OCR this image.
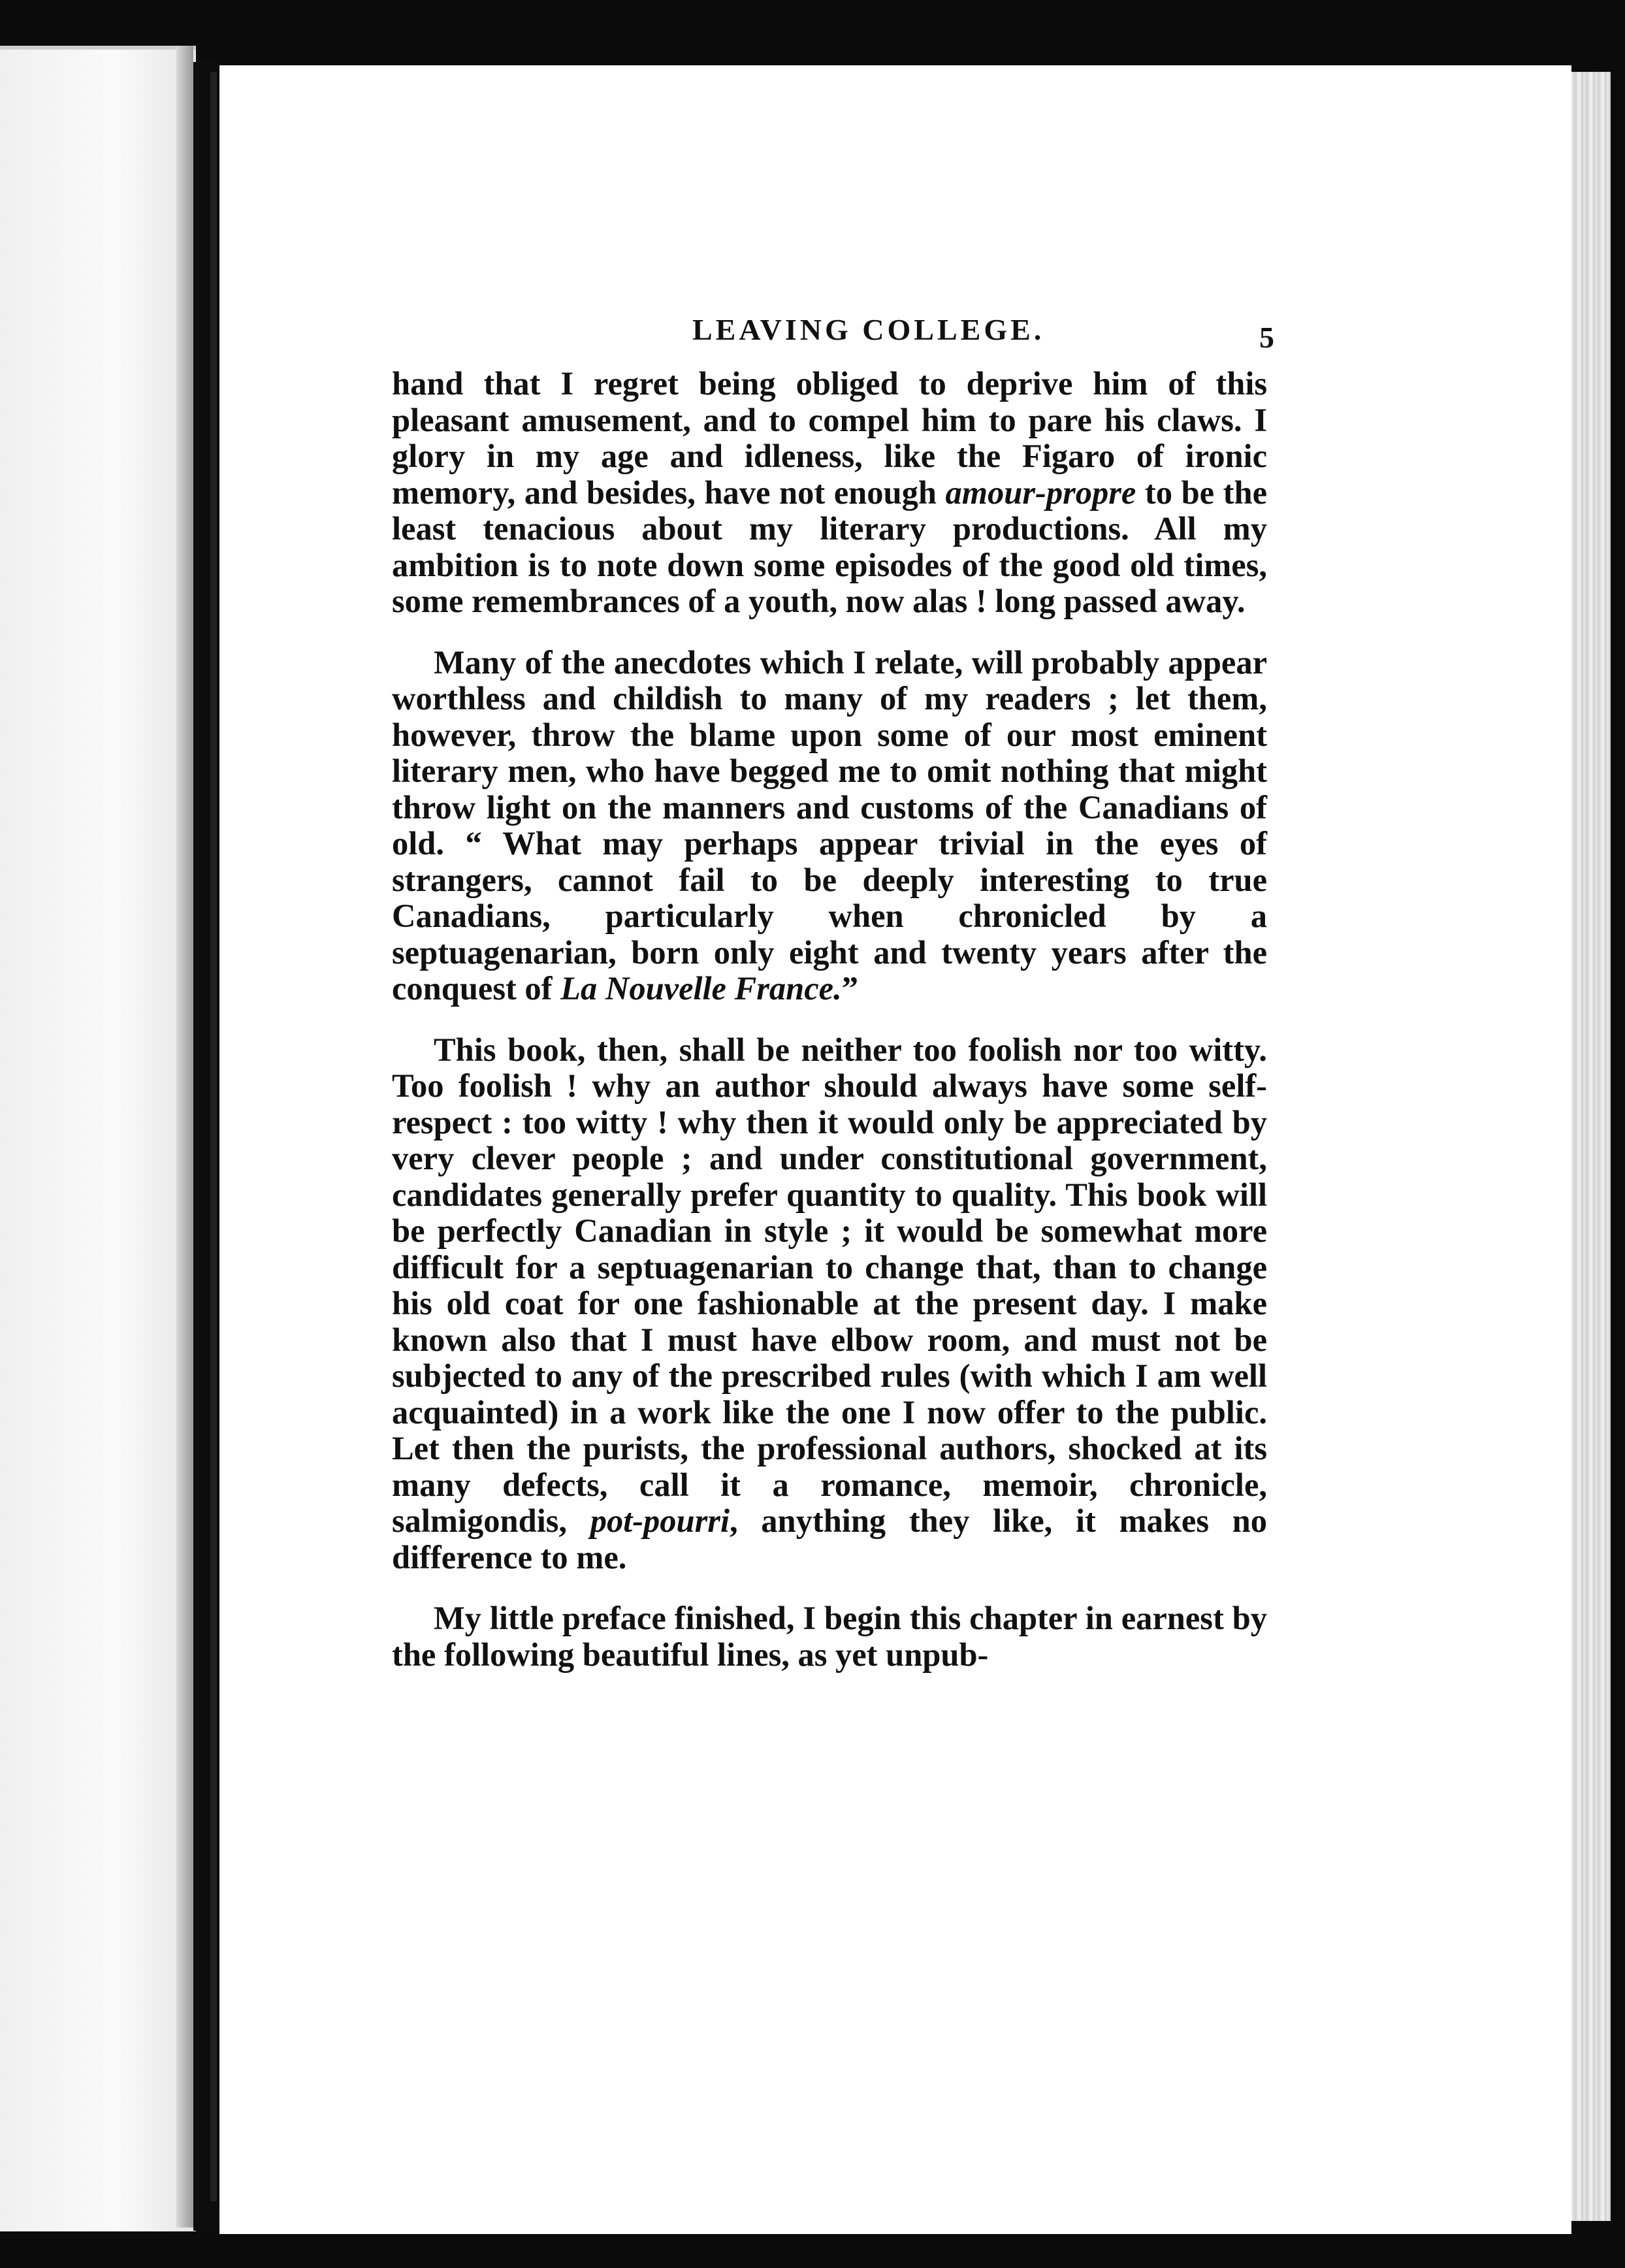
LEAVING COLLEGE.	5

hand that I regret being obliged to deprive him of this pleasant amusement, and to compel him to pare his claws. I glory in my age and idleness, like the Figaro of ironic memory, and besides, have not enough amour-propre to be the least tenacious about my literary productions. All my ambition is to note down some episodes of the good old times, some remembrances of a youth, now alas ! long passed away.

Many of the anecdotes which I relate, will probably appear worthless and childish to many of my readers ; let them, however, throw the blame upon some of our most eminent literary men, who have begged me to omit nothing that might throw light on the manners and customs of the Canadians of old. “ What may perhaps appear trivial in the eyes of strangers, cannot fail to be deeply interesting to true Canadians, particularly when chronicled by a septuagenarian, born only eight and twenty years after the conquest of La Nouvelle France.”

This book, then, shall be neither too foolish nor too witty. Too foolish ! why an author should always have some self-respect : too witty ! why then it would only be appreciated by very clever people ; and under constitutional government, candidates generally prefer quantity to quality. This book will be perfectly Canadian in style ; it would be somewhat more difficult for a septuagenarian to change that, than to change his old coat for one fashionable at the present day. I make known also that I must have elbow room, and must not be subjected to any of the prescribed rules (with which I am well acquainted) in a work like the one I now offer to the public. Let then the purists, the professional authors, shocked at its many defects, call it a romance, memoir, chronicle, salmigondis, pot-pourri, anything they like, it makes no difference to me.

My little preface finished, I begin this chapter in earnest by the following beautiful lines, as yet unpub-
